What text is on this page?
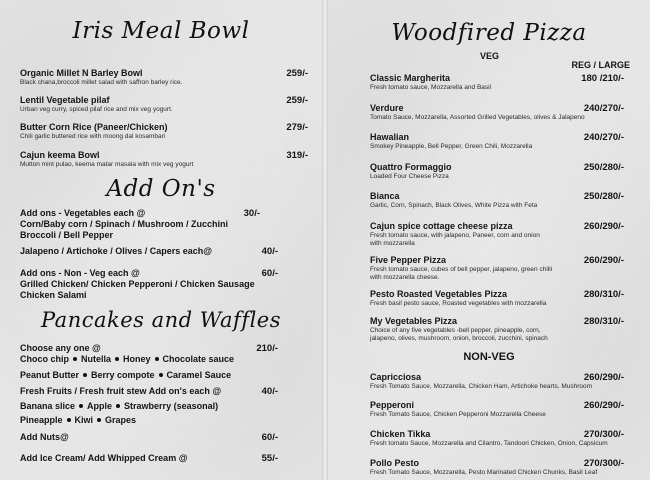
Iris Meal Bowl
Organic Millet N Barley Bowl
Black chana,broccoli millet salad with saffron barley rice.
259/-
Lentil Vegetable pilaf
Urban veg curry, spiced pilaf rice and mix veg yogurt.
259/-
Butter Corn Rice (Paneer/Chicken)
Chili garlic buttered rice with moong dal kosambari
279/-
Cajun keema Bowl
Mutton mint pulao, keema matar masala with mix veg yogurt
319/-
Add On's
Add ons - Vegetables each @
Corn/Baby corn / Spinach / Mushroom / Zucchini
Broccoli / Bell Pepper
30/-
Jalapeno / Artichoke / Olives / Capers each@	40/-
Add ons - Non - Veg each @
Grilled Chicken/ Chicken Pepperoni / Chicken Sausage
Chicken Salami
60/-
Pancakes and Waffles
Choose any one @
Choco chip Nutella Honey Chocolate sauce
Peanut Butter Berry compote Caramel Sauce
210/-
Fresh Fruits / Fresh fruit stew Add on's each @
Banana slice Apple Strawberry (seasonal)
Pineapple Kiwi Grapes
40/-
Add Nuts@	60/-
Add Ice Cream/ Add Whipped Cream @	55/-
Woodfired Pizza
VEG
REG / LARGE
Classic Margherita
Fresh tomato sauce, Mozzarella and Basil
180 /210/-
Verdure
Tomato Sauce, Mozzarella, Assorted Grilled Vegetables, olives & Jalapeno
240/270/-
Hawalian
Smokey Pineapple, Bell Pepper, Green Chili, Mozzarella
240/270/-
Quattro Formaggio
Loaded Four Cheese Pizza
250/280/-
Bianca
Garlic, Corn, Spinach, Black Olives, White Pizza with Feta
250/280/-
Cajun spice cottage cheese pizza
Fresh tomato sauce, with jalapeno, Paneer, corn and onion
with mozzarella
260/290/-
Five Pepper Pizza
Fresh tomato sauce, cubes of bell pepper, jalapeno, green chilli
with mozzarella cheese.
260/290/-
Pesto Roasted Vegetables Pizza
Fresh basil pesto sauce, Roasted vegetables with mozzarella
280/310/-
My Vegetables Pizza
Choice of any five vegetables -bell pepper, pineapple, corn,
jalapeno, olives, mushroom, onion, broccoli, zucchini, spinach
280/310/-
NON-VEG
Capricciosa
Fresh Tomato Sauce, Mozzarella, Chicken Ham, Artichoke hearts, Mushroom
260/290/-
Pepperoni
Fresh Tomato Sauce, Chicken Pepperoni Mozzarella Cheese
260/290/-
Chicken Tikka
Fresh tomato Sauce, Mozzarella and Cilantro, Tandoori Chicken, Onion, Capsicum
270/300/-
Pollo Pesto
Fresh Tomato Sauce, Mozzarella, Pesto Marinated Chicken Chunks, Basil Leaf
270/300/-
